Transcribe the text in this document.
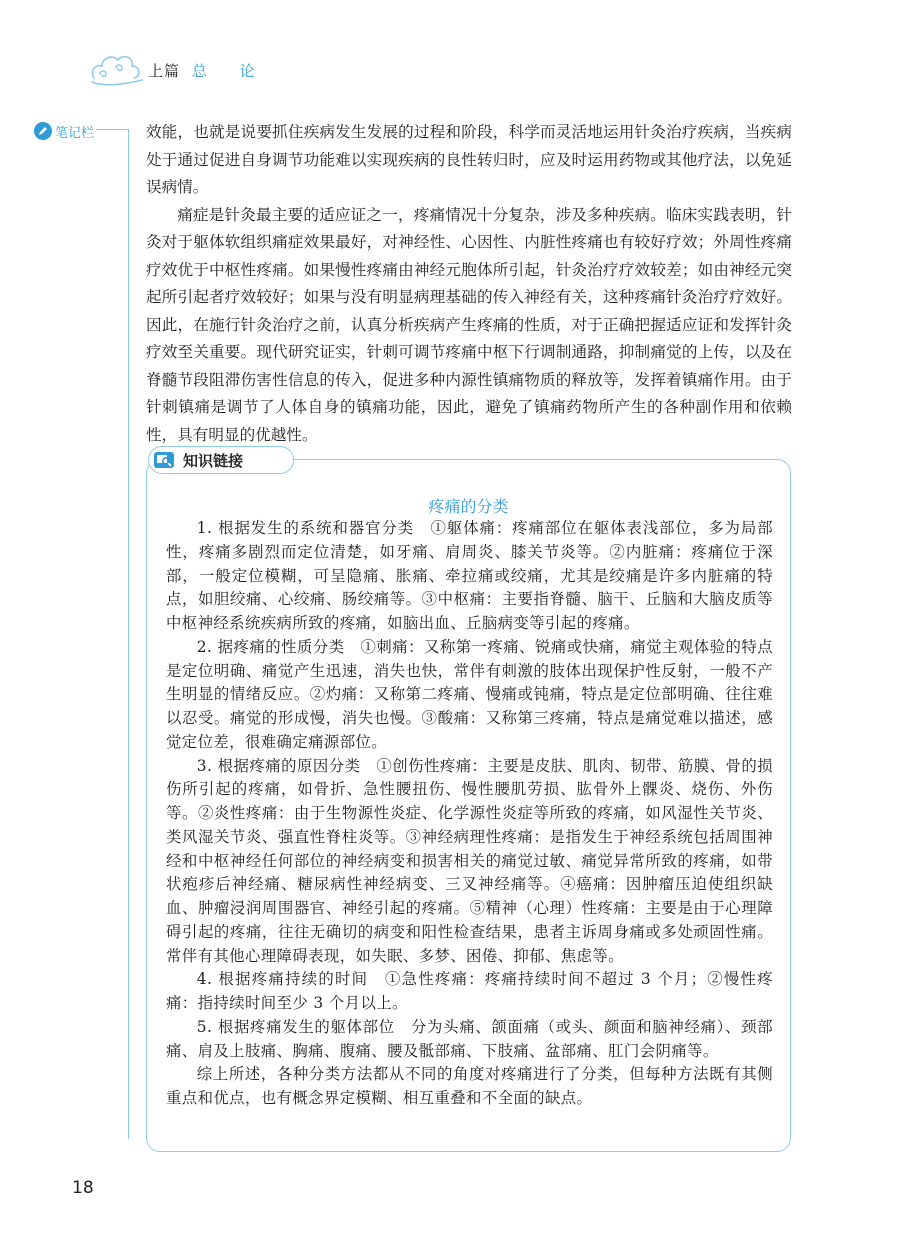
上篇 总 论
笔记栏	效能，也就是说要抓住疾病发生发展的过程和阶段，科学而灵活地运用针灸治疗疾病，当疾病处于通过促进自身调节功能难以实现疾病的良性转归时，应及时运用药物或其他疗法，以免延误病情。

痛症是针灸最主要的适应证之一，疼痛情况十分复杂，涉及多种疾病。临床实践表明，针灸对于躯体软组织痛症效果最好，对神经性、心因性、内脏性疼痛也有较好疗效；外周性疼痛疗效优于中枢性疼痛。如果慢性疼痛由神经元胞体所引起，针灸治疗疗效较差；如由神经元突起所引起者疗效较好；如果与没有明显病理基础的传入神经有关，这种疼痛针灸治疗疗效好。因此，在施行针灸治疗之前，认真分析疾病产生疼痛的性质，对于正确把握适应证和发挥针灸疗效至关重要。现代研究证实，针刺可调节疼痛中枢下行调制通路，抑制痛觉的上传，以及在脊髓节段阻滞伤害性信息的传入，促进多种内源性镇痛物质的释放等，发挥着镇痛作用。由于针刺镇痛是调节了人体自身的镇痛功能，因此，避免了镇痛药物所产生的各种副作用和依赖性，具有明显的优越性。

知识链接
疼痛的分类

1. 根据发生的系统和器官分类　①躯体痛：疼痛部位在躯体表浅部位，多为局部性，疼痛多剧烈而定位清楚，如牙痛、肩周炎、膝关节炎等。②内脏痛：疼痛位于深部，一般定位模糊，可呈隐痛、胀痛、牵拉痛或绞痛，尤其是绞痛是许多内脏痛的特点，如胆绞痛、心绞痛、肠绞痛等。③中枢痛：主要指脊髓、脑干、丘脑和大脑皮质等中枢神经系统疾病所致的疼痛，如脑出血、丘脑病变等引起的疼痛。

2. 据疼痛的性质分类　①刺痛：又称第一疼痛、锐痛或快痛，痛觉主观体验的特点是定位明确、痛觉产生迅速，消失也快，常伴有刺激的肢体出现保护性反射，一般不产生明显的情绪反应。②灼痛：又称第二疼痛、慢痛或钝痛，特点是定位部明确、往往难以忍受。痛觉的形成慢，消失也慢。③酸痛：又称第三疼痛，特点是痛觉难以描述，感觉定位差，很难确定痛源部位。

3. 根据疼痛的原因分类　①创伤性疼痛：主要是皮肤、肌肉、韧带、筋膜、骨的损伤所引起的疼痛，如骨折、急性腰扭伤、慢性腰肌劳损、肱骨外上髁炎、烧伤、外伤等。②炎性疼痛：由于生物源性炎症、化学源性炎症等所致的疼痛，如风湿性关节炎、类风湿关节炎、强直性脊柱炎等。③神经病理性疼痛：是指发生于神经系统包括周围神经和中枢神经任何部位的神经病变和损害相关的痛觉过敏、痛觉异常所致的疼痛，如带状疱疹后神经痛、糖尿病性神经病变、三叉神经痛等。④癌痛：因肿瘤压迫使组织缺血、肿瘤浸润周围器官、神经引起的疼痛。⑤精神（心理）性疼痛：主要是由于心理障碍引起的疼痛，往往无确切的病变和阳性检查结果，患者主诉周身痛或多处顽固性痛。常伴有其他心理障碍表现，如失眠、多梦、困倦、抑郁、焦虑等。

4. 根据疼痛持续的时间　①急性疼痛：疼痛持续时间不超过 3 个月；②慢性疼痛：指持续时间至少 3 个月以上。

5. 根据疼痛发生的躯体部位　分为头痛、颌面痛（或头、颜面和脑神经痛）、颈部痛、肩及上肢痛、胸痛、腹痛、腰及骶部痛、下肢痛、盆部痛、肛门会阴痛等。

综上所述，各种分类方法都从不同的角度对疼痛进行了分类，但每种方法既有其侧重点和优点，也有概念界定模糊、相互重叠和不全面的缺点。

18
